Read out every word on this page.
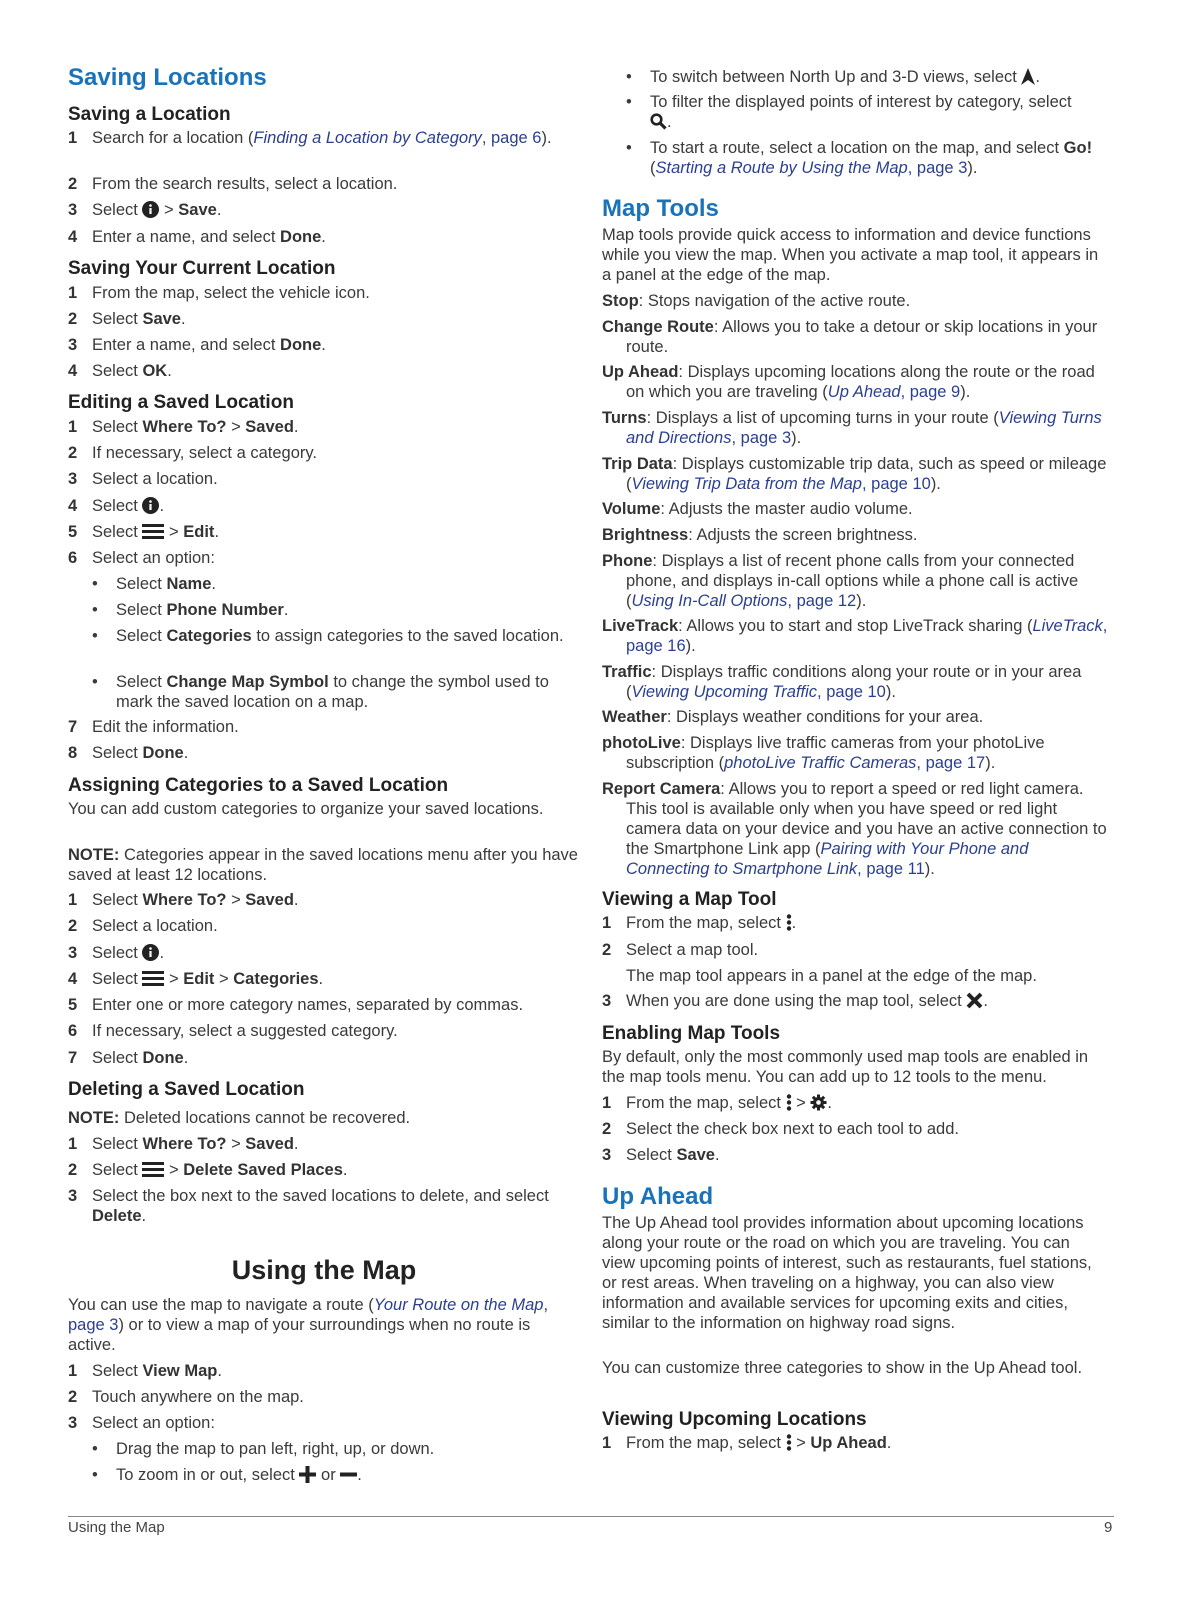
Saving Locations
Saving a Location
1 Search for a location (Finding a Location by Category, page 6).
2 From the search results, select a location.
3 Select  > Save.
4 Enter a name, and select Done.
Saving Your Current Location
1 From the map, select the vehicle icon.
2 Select Save.
3 Enter a name, and select Done.
4 Select OK.
Editing a Saved Location
1 Select Where To? > Saved.
2 If necessary, select a category.
3 Select a location.
4 Select .
5 Select  > Edit.
6 Select an option:
• Select Name.
• Select Phone Number.
• Select Categories to assign categories to the saved location.
• Select Change Map Symbol to change the symbol used to mark the saved location on a map.
7 Edit the information.
8 Select Done.
Assigning Categories to a Saved Location

You can add custom categories to organize your saved locations.

NOTE: Categories appear in the saved locations menu after you have saved at least 12 locations.

1 Select Where To? > Saved.
2 Select a location.
3 Select .
4 Select  > Edit > Categories.
5 Enter one or more category names, separated by commas.
6 If necessary, select a suggested category.
7 Select Done.
Deleting a Saved Location

NOTE: Deleted locations cannot be recovered.

1 Select Where To? > Saved.
2 Select  > Delete Saved Places.
3 Select the box next to the saved locations to delete, and select Delete.
Using the Map

You can use the map to navigate a route (Your Route on the Map, page 3) or to view a map of your surroundings when no route is active.

1 Select View Map.
2 Touch anywhere on the map.
3 Select an option:
• Drag the map to pan left, right, up, or down.
• To zoom in or out, select or .
• To switch between North Up and 3-D views, select .
• To filter the displayed points of interest by category, select
.
• To start a route, select a location on the map, and select Go! (Starting a Route by Using the Map, page 3).
Map Tools

Map tools provide quick access to information and device functions while you view the map. When you activate a map tool, it appears in a panel at the edge of the map.

Stop: Stops navigation of the active route.
Change Route: Allows you to take a detour or skip locations in your route.
Up Ahead: Displays upcoming locations along the route or the road on which you are traveling (Up Ahead, page 9).
Turns: Displays a list of upcoming turns in your route (Viewing Turns and Directions, page 3).
Trip Data: Displays customizable trip data, such as speed or mileage (Viewing Trip Data from the Map, page 10).
Volume: Adjusts the master audio volume.
Brightness: Adjusts the screen brightness.
Phone: Displays a list of recent phone calls from your connected phone, and displays in-call options while a phone call is active (Using In-Call Options, page 12).
LiveTrack: Allows you to start and stop LiveTrack sharing (LiveTrack, page 16).
Traffic: Displays traffic conditions along your route or in your area (Viewing Upcoming Traffic, page 10).
Weather: Displays weather conditions for your area.
photoLive: Displays live traffic cameras from your photoLive subscription (photoLive Traffic Cameras, page 17).
Report Camera: Allows you to report a speed or red light camera. This tool is available only when you have speed or red light camera data on your device and you have an active connection to the Smartphone Link app (Pairing with Your Phone and Connecting to Smartphone Link, page 11).
Viewing a Map Tool
1 From the map, select .
2 Select a map tool.
The map tool appears in a panel at the edge of the map.
3 When you are done using the map tool, select .
Enabling Map Tools

By default, only the most commonly used map tools are enabled in the map tools menu. You can add up to 12 tools to the menu.

1 From the map, select  > .
2 Select the check box next to each tool to add.
3 Select Save.
Up Ahead

The Up Ahead tool provides information about upcoming locations along your route or the road on which you are traveling. You can view upcoming points of interest, such as restaurants, fuel stations, or rest areas. When traveling on a highway, you can also view information and available services for upcoming exits and cities, similar to the information on highway road signs.

You can customize three categories to show in the Up Ahead tool.

Viewing Upcoming Locations
1 From the map, select  > Up Ahead.
Using the Map	9
